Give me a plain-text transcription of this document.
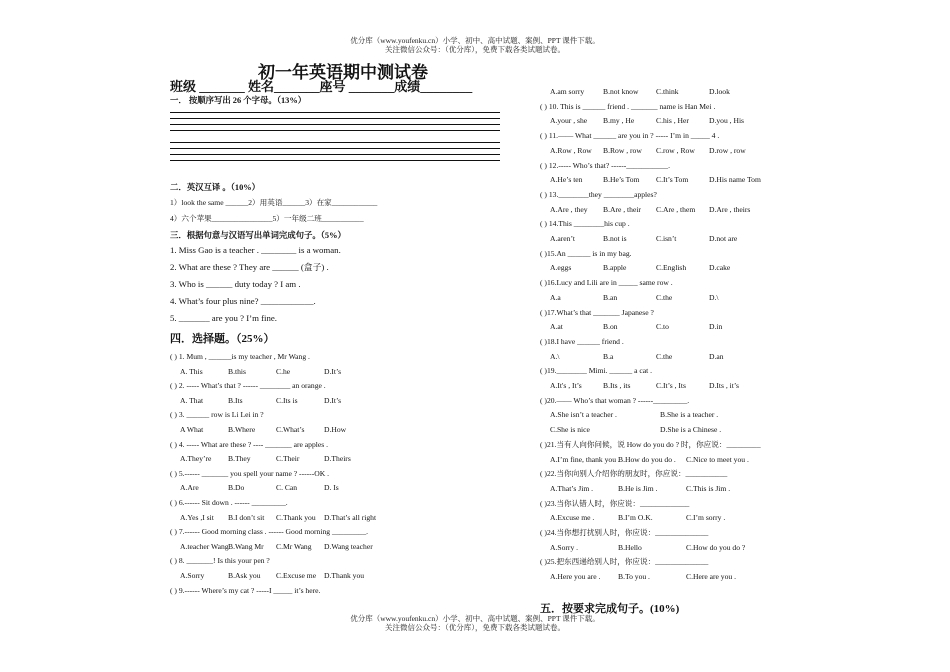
优分库（www.youfenku.cn）小学、初中、高中试题、案例、PPT 课件下载。
关注微信公众号：（优分库），免费下载各类试题试卷。
初一年英语期中测试卷
班级 _______ 姓名_______座号 _______成绩________
一． 按顺序写出 26 个字母。（13%）
二．英汉互译 。（10%）
1）look the same ______2）用英语______3）在家____________
4）六个苹果________________5）一年级二班___________
三．根据句意与汉语写出单词完成句子。（5%）
1. Miss Gao is a teacher . ________ is a woman.
2. What are these ? They are ______ (盒子) .
3. Who is ______ duty today ? I am .
4. What’s four plus nine? ____________.
5. _______ are you ? I’m fine.
四．选择题。（25%）
( ) 1. Mum , ______is my teacher , Mr Wang .
A. This	B.this	C.he	D.It’s
( ) 2. ----- What’s that ? ------ ________ an orange .
A. That	B.Its	C.Its is	D.It’s
( ) 3. ______ row is Li Lei in ?
A What	B.Where	C.What’s	D.How
( ) 4. ----- What are these ? ---- _______ are apples .
A.They’re B.They	C.Their	D.Theirs
( ) 5.------ _______ you spell your name ? ------OK .
A.Are	B.Do	C. Can	D. Is
( ) 6.------ Sit down . ------ _________.
A.Yes ,I sit B.I don’t sit C.Thank you D.That’s all right
( ) 7.------ Good morning class . ------ Good morning _________.
A.teacher WangB.Wang Mr C.Mr Wang D.Wang teacher
( ) 8. _______! Is this your pen ?
A.Sorry	B.Ask you C.Excuse me D.Thank you
( ) 9.------ Where’s my cat ? -----I _____ it’s here.
A.am sorry B.not know C.think	D.look
( ) 10. This is ______ friend . _______ name is Han Mei .
A.your , she B.my , He	C.his , Her	D.you , His
( ) 11.—— What ______ are you in ? ----- I’m in _____ 4 .
A.Row , Row B.Row , row C.row , Row D.row , row
( ) 12.----- Who’s that? ------___________.
A.He’s ten	B.He’s Tom C.It’s Tom	D.His name Tom
( ) 13.________they ________apples?
A.Are , they B.Are , their C.Are , them D.Are , theirs
( ) 14.This ________his cup .
A.aren’t	B.not is	C.isn’t	D.not are
( )15.An ______ is in my bag.
A.eggs	B.apple	C.English	D.cake
( )16.Lucy and Lili are in _____ same row .
A.a	B.an	C.the	D.\
( )17.What’s that _______ Japanese ?
A.at	B.on	C.to	D.in
( )18.I have ______ friend .
A.\	B.a	C.the	D.an
( )19.________ Mimi. ______ a cat .
A.It's , It’s	B.Its , its	C.It’s , Its	D.Its , it’s
( )20.—— Who’s that woman ? ------_________.
A.She isn’t a teacher .	B.She is a teacher .
C.She is nice	D.She is a Chinese .
( )21.当有人向你问候，说 How do you do ? 时，你应说：_________
A.I’m fine, thank you .B.How do you do . C.Nice to meet you .
( )22.当你向别人介绍你的朋友时，你应说：___________
A.That’s Jim .	B.He is Jim .	C.This is Jim .
( )23.当你认错人时，你应说：_____________
A.Excuse me .	B.I’m O.K.	C.I’m sorry .
( )24.当你想打扰别人时，你应说：______________
A.Sorry .	B.Hello	C.How do you do ?
( )25.把东西递给别人时，你应说：______________
A.Here you are . B.To you .	C.Here are you .
五．按要求完成句子。(10%)
优分库（www.youfenku.cn）小学、初中、高中试题、案例、PPT 课件下载。
关注微信公众号：（优分库），免费下载各类试题试卷。
